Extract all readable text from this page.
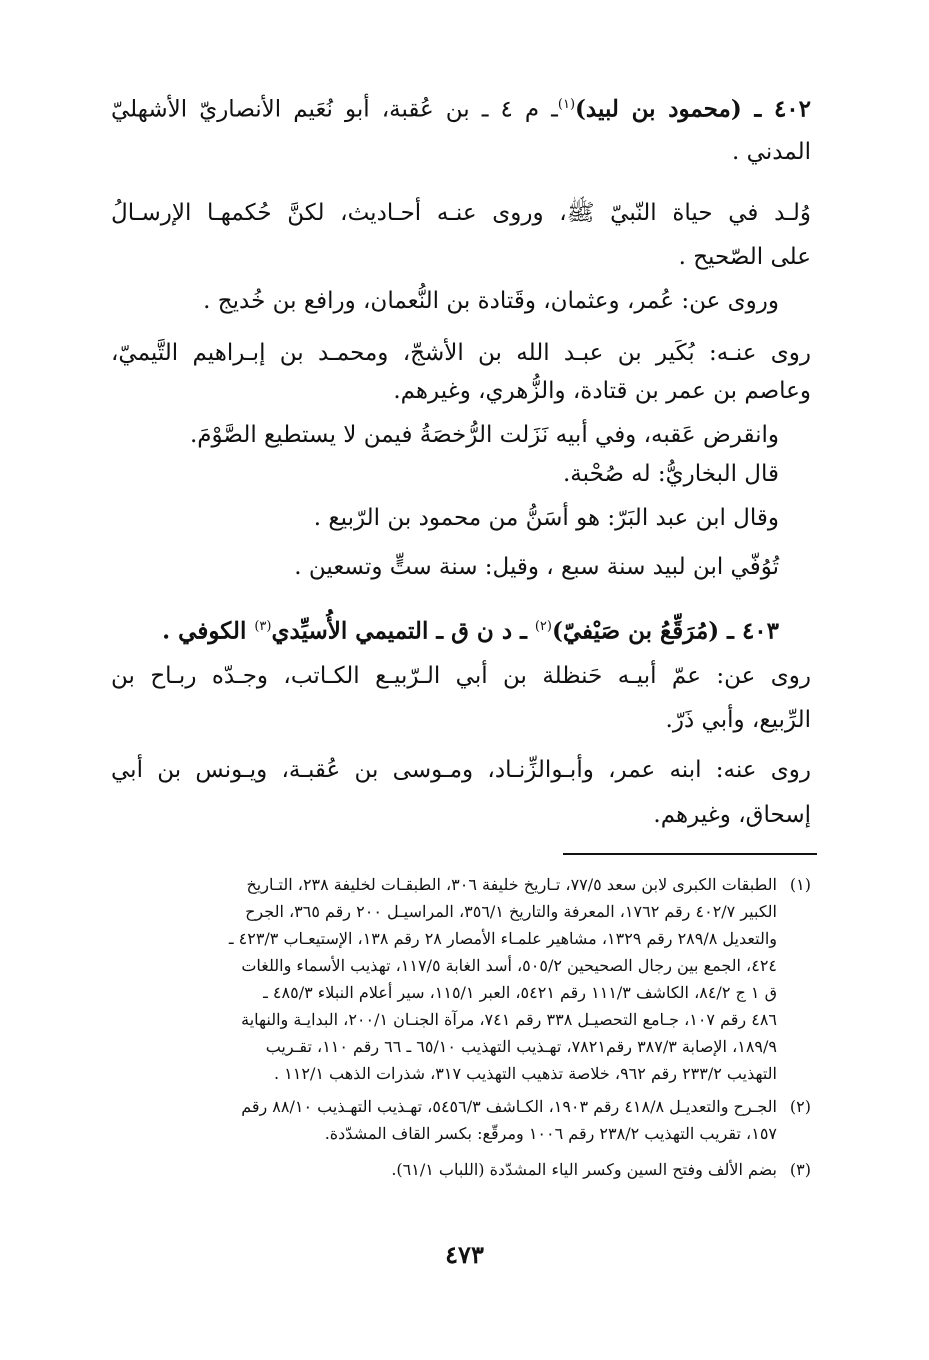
٤٠٢ ـ (محمود بن لبيد)$^{(١)}$ـ م ٤ ـ بن عُقبة، أبو نُعَيم الأنصاريّ الأشهليّ
المدني .
وُلـد في حياة النّبيّ ﷺ، وروى عنـه أحـاديث، لكنَّ حُكمهـا الإرسـالُ
على الصّحيح .
وروى عن: عُمر، وعثمان، وقَتادة بن النُّعمان، ورافع بن خُديج .
روى عنـه: بُكَير بن عبـد الله بن الأشجّ، ومحمـد بن إبـراهيم التَّيميّ،
وعاصم بن عمر بن قتادة، والزُّهري، وغيرهم.
وانقرض عَقبه، وفي أبيه نَزَلت الرُّخصَةُ فيمن لا يستطيع الصَّوْمَ.
قال البخاريُّ: له صُحْبة.
وقال ابن عبد البَرّ: هو أسَنُّ من محمود بن الرّبيع .
تُوُفّي ابن لبيد سنة سبع ، وقيل: سنة ستٍّ وتسعين .
٤٠٣ ـ (مُرَقِّعُ بن صَيْفيّ)$^{(٢)}$ ـ د ن ق ـ التميمي الأُسيِّدي$^{(٣)}$ الكوفي .
روى عن: عمّ أبيـه حَنظلة بن أبي الـرّبيـع الكـاتب، وجـدّه ربـاح بن
الرِّبيع، وأبي ذَرّ.
روى عنه: ابنه عمر، وأبـوالزِّنـاد، ومـوسى بن عُقبـة، ويـونس بن أبي
إسحاق، وغيرهم.
(١)
الطبقات الكبرى لابن سعد ٧٧/٥، تـاريخ خليفة ٣٠٦، الطبقـات لخليفة ٢٣٨، التـاريخ
الكبير ٤٠٢/٧ رقم ١٧٦٢، المعرفة والتاريخ ٣٥٦/١، المراسيـل ٢٠٠ رقم ٣٦٥، الجرح
والتعديل ٢٨٩/٨ رقم ١٣٢٩، مشاهير علمـاء الأمصار ٢٨ رقم ١٣٨، الإستيعـاب ٤٢٣/٣ ـ
٤٢٤، الجمع بين رجال الصحيحين ٥٠٥/٢، أسد الغابة ١١٧/٥، تهذيب الأسماء واللغات
ق ١ ج ٨٤/٢، الكاشف ١١١/٣ رقم ٥٤٢١، العبر ١١٥/١، سير أعلام النبلاء ٤٨٥/٣ ـ
٤٨٦ رقم ١٠٧، جـامع التحصيـل ٣٣٨ رقم ٧٤١، مرآة الجنـان ٢٠٠/١، البدايـة والنهاية
١٨٩/٩، الإصابة ٣٨٧/٣ رقم٧٨٢١، تهـذيب التهذيب ٦٥/١٠ ـ ٦٦ رقم ١١٠، تقـريب
التهذيب ٢٣٣/٢ رقم ٩٦٢، خلاصة تذهيب التهذيب ٣١٧، شذرات الذهب ١١٢/١ .
(٢)
الجـرح والتعديـل ٤١٨/٨ رقم ١٩٠٣، الكـاشف ٥٤٥٦/٣، تهـذيب التهـذيب ٨٨/١٠ رقم
١٥٧، تقريب التهذيب ٢٣٨/٢ رقم ١٠٠٦ ومرقّع: بكسر القاف المشدّدة.
(٣)
بضم الألف وفتح السين وكسر الياء المشدّدة (اللباب ٦١/١).
٤٧٣
